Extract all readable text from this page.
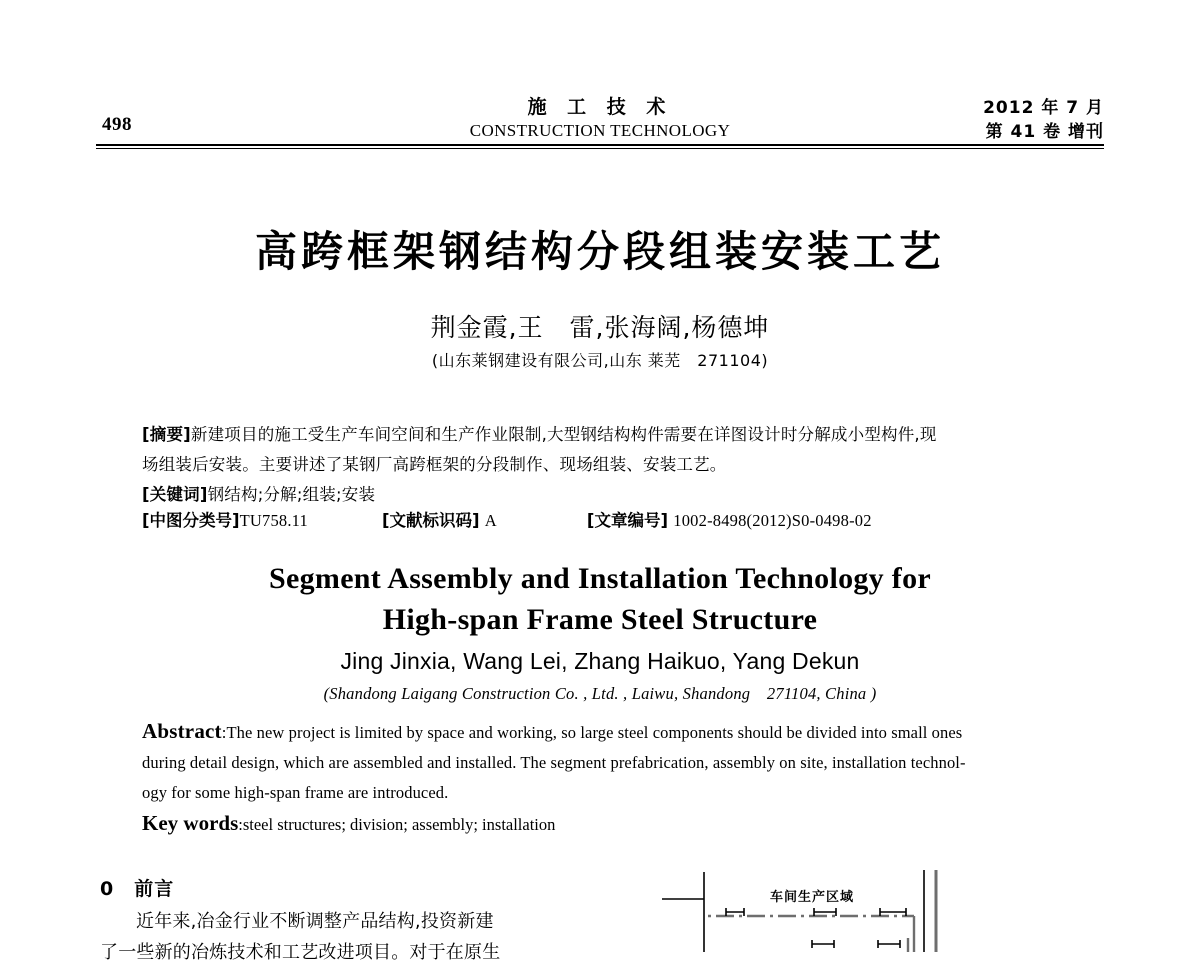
498
施 工 技 术
CONSTRUCTION TECHNOLOGY
2012 年 7 月
第 41 卷 增刊
高跨框架钢结构分段组装安装工艺
荆金霞,王　雷,张海阔,杨德坤
(山东莱钢建设有限公司,山东 莱芜　271104)
[摘要]新建项目的施工受生产车间空间和生产作业限制,大型钢结构构件需要在详图设计时分解成小型构件,现
场组装后安装。主要讲述了某钢厂高跨框架的分段制作、现场组装、安装工艺。
[关键词]钢结构;分解;组装;安装
[中图分类号]TU758.11	[文献标识码] A	[文章编号] 1002-8498(2012)S0-0498-02
Segment Assembly and Installation Technology for
High-span Frame Steel Structure
Jing Jinxia, Wang Lei, Zhang Haikuo, Yang Dekun
(Shandong Laigang Construction Co. , Ltd. , Laiwu, Shandong　271104, China )
Abstract:The new project is limited by space and working, so large steel components should be divided into small ones
during detail design, which are assembled and installed. The segment prefabrication, assembly on site, installation technol-
ogy for some high-span frame are introduced.
Key words:steel structures; division; assembly; installation
0 前言
近年来,冶金行业不断调整产品结构,投资新建
了一些新的冶炼技术和工艺改进项目。对于在原生
车间生产区域
